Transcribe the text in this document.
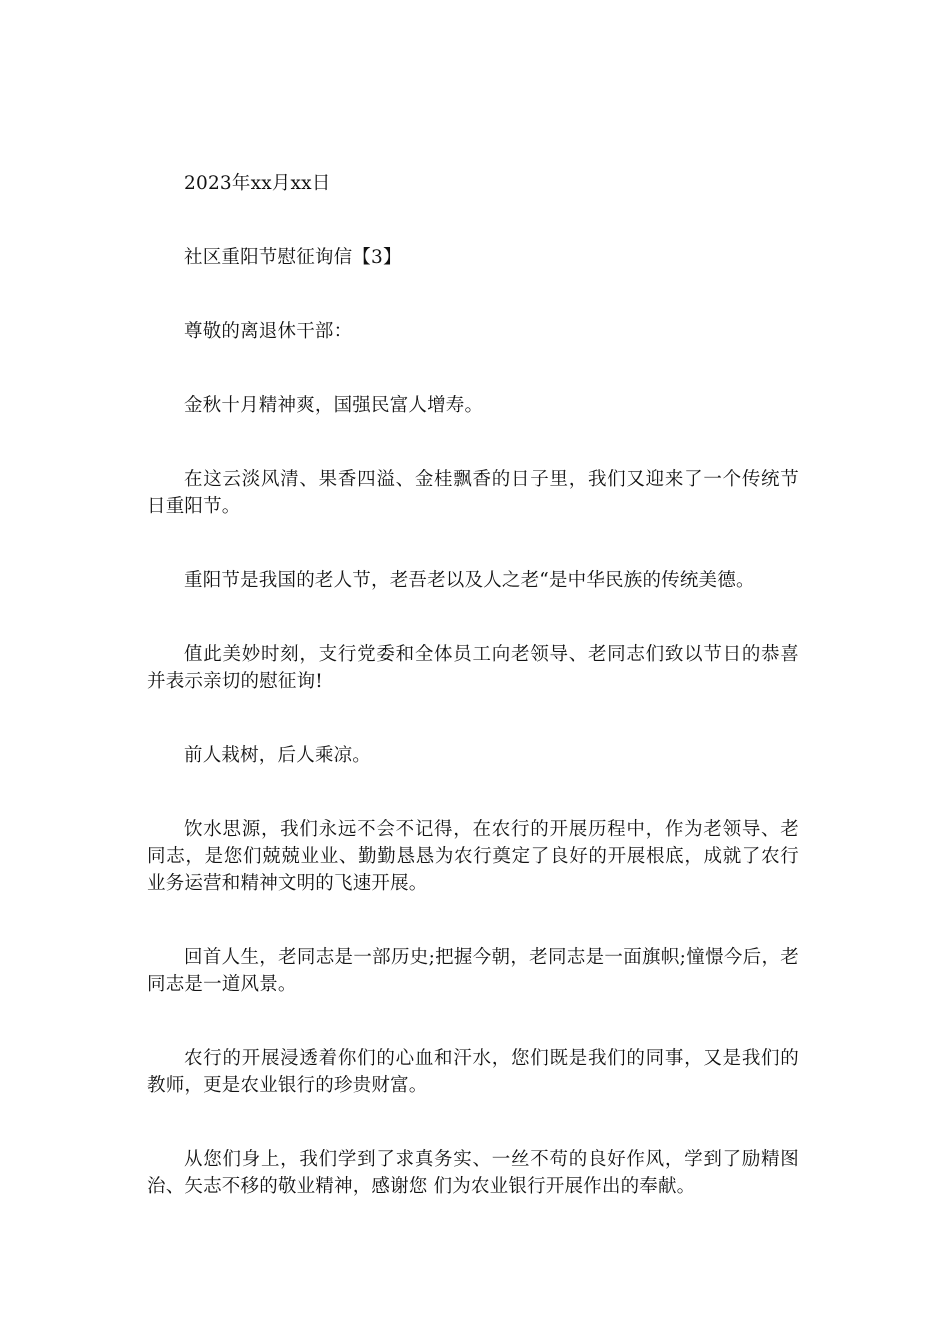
2023年xx月xx日

社区重阳节慰征询信【3】

尊敬的离退休干部：

金秋十月精神爽，国强民富人增寿。

在这云淡风清、果香四溢、金桂飘香的日子里，我们又迎来了一个传统节日重阳节。

重阳节是我国的老人节，老吾老以及人之老“是中华民族的传统美德。

值此美妙时刻，支行党委和全体员工向老领导、老同志们致以节日的恭喜并表示亲切的慰征询!

前人栽树，后人乘凉。

饮水思源，我们永远不会不记得，在农行的开展历程中，作为老领导、老同志，是您们兢兢业业、勤勤恳恳为农行奠定了良好的开展根底，成就了农行业务运营和精神文明的飞速开展。

回首人生，老同志是一部历史;把握今朝，老同志是一面旗帜;憧憬今后，老同志是一道风景。

农行的开展浸透着你们的心血和汗水，您们既是我们的同事，又是我们的教师，更是农业银行的珍贵财富。

从您们身上，我们学到了求真务实、一丝不苟的良好作风，学到了励精图治、矢志不移的敬业精神，感谢您 们为农业银行开展作出的奉献。
